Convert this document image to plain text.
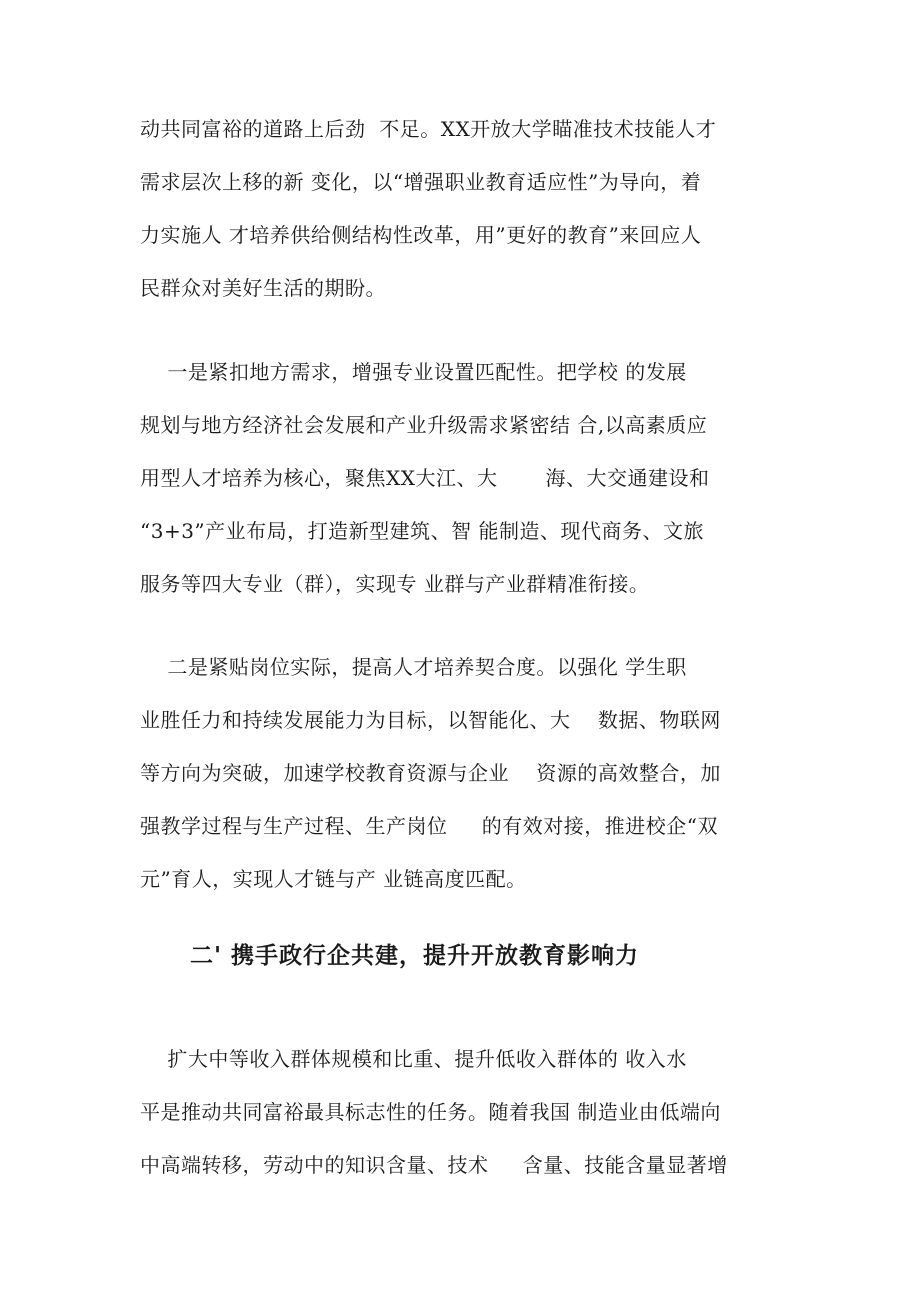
动共同富裕的道路上后劲  不足。XX开放大学瞄准技术技能人才
需求层次上移的新 变化，以“增强职业教育适应性”为导向，着
力实施人 才培养供给侧结构性改革，用”更好的教育”来回应人
民群众对美好生活的期盼。
一是紧扣地方需求，增强专业设置匹配性。把学校 的发展
规划与地方经济社会发展和产业升级需求紧密结 合,以高素质应
用型人才培养为核心，聚焦XX大江、大       海、大交通建设和
“3+3”产业布局，打造新型建筑、智 能制造、现代商务、文旅
服务等四大专业（群），实现专 业群与产业群精准衔接。
二是紧贴岗位实际，提高人才培养契合度。以强化 学生职
业胜任力和持续发展能力为目标，以智能化、大    数据、物联网
等方向为突破，加速学校教育资源与企业    资源的高效整合，加
强教学过程与生产过程、生产岗位     的有效对接，推进校企“双
元”育人，实现人才链与产 业链高度匹配。
二' 携手政行企共建，提升开放教育影响力
扩大中等收入群体规模和比重、提升低收入群体的 收入水
平是推动共同富裕最具标志性的任务。随着我国 制造业由低端向
中高端转移，劳动中的知识含量、技术     含量、技能含量显著增
